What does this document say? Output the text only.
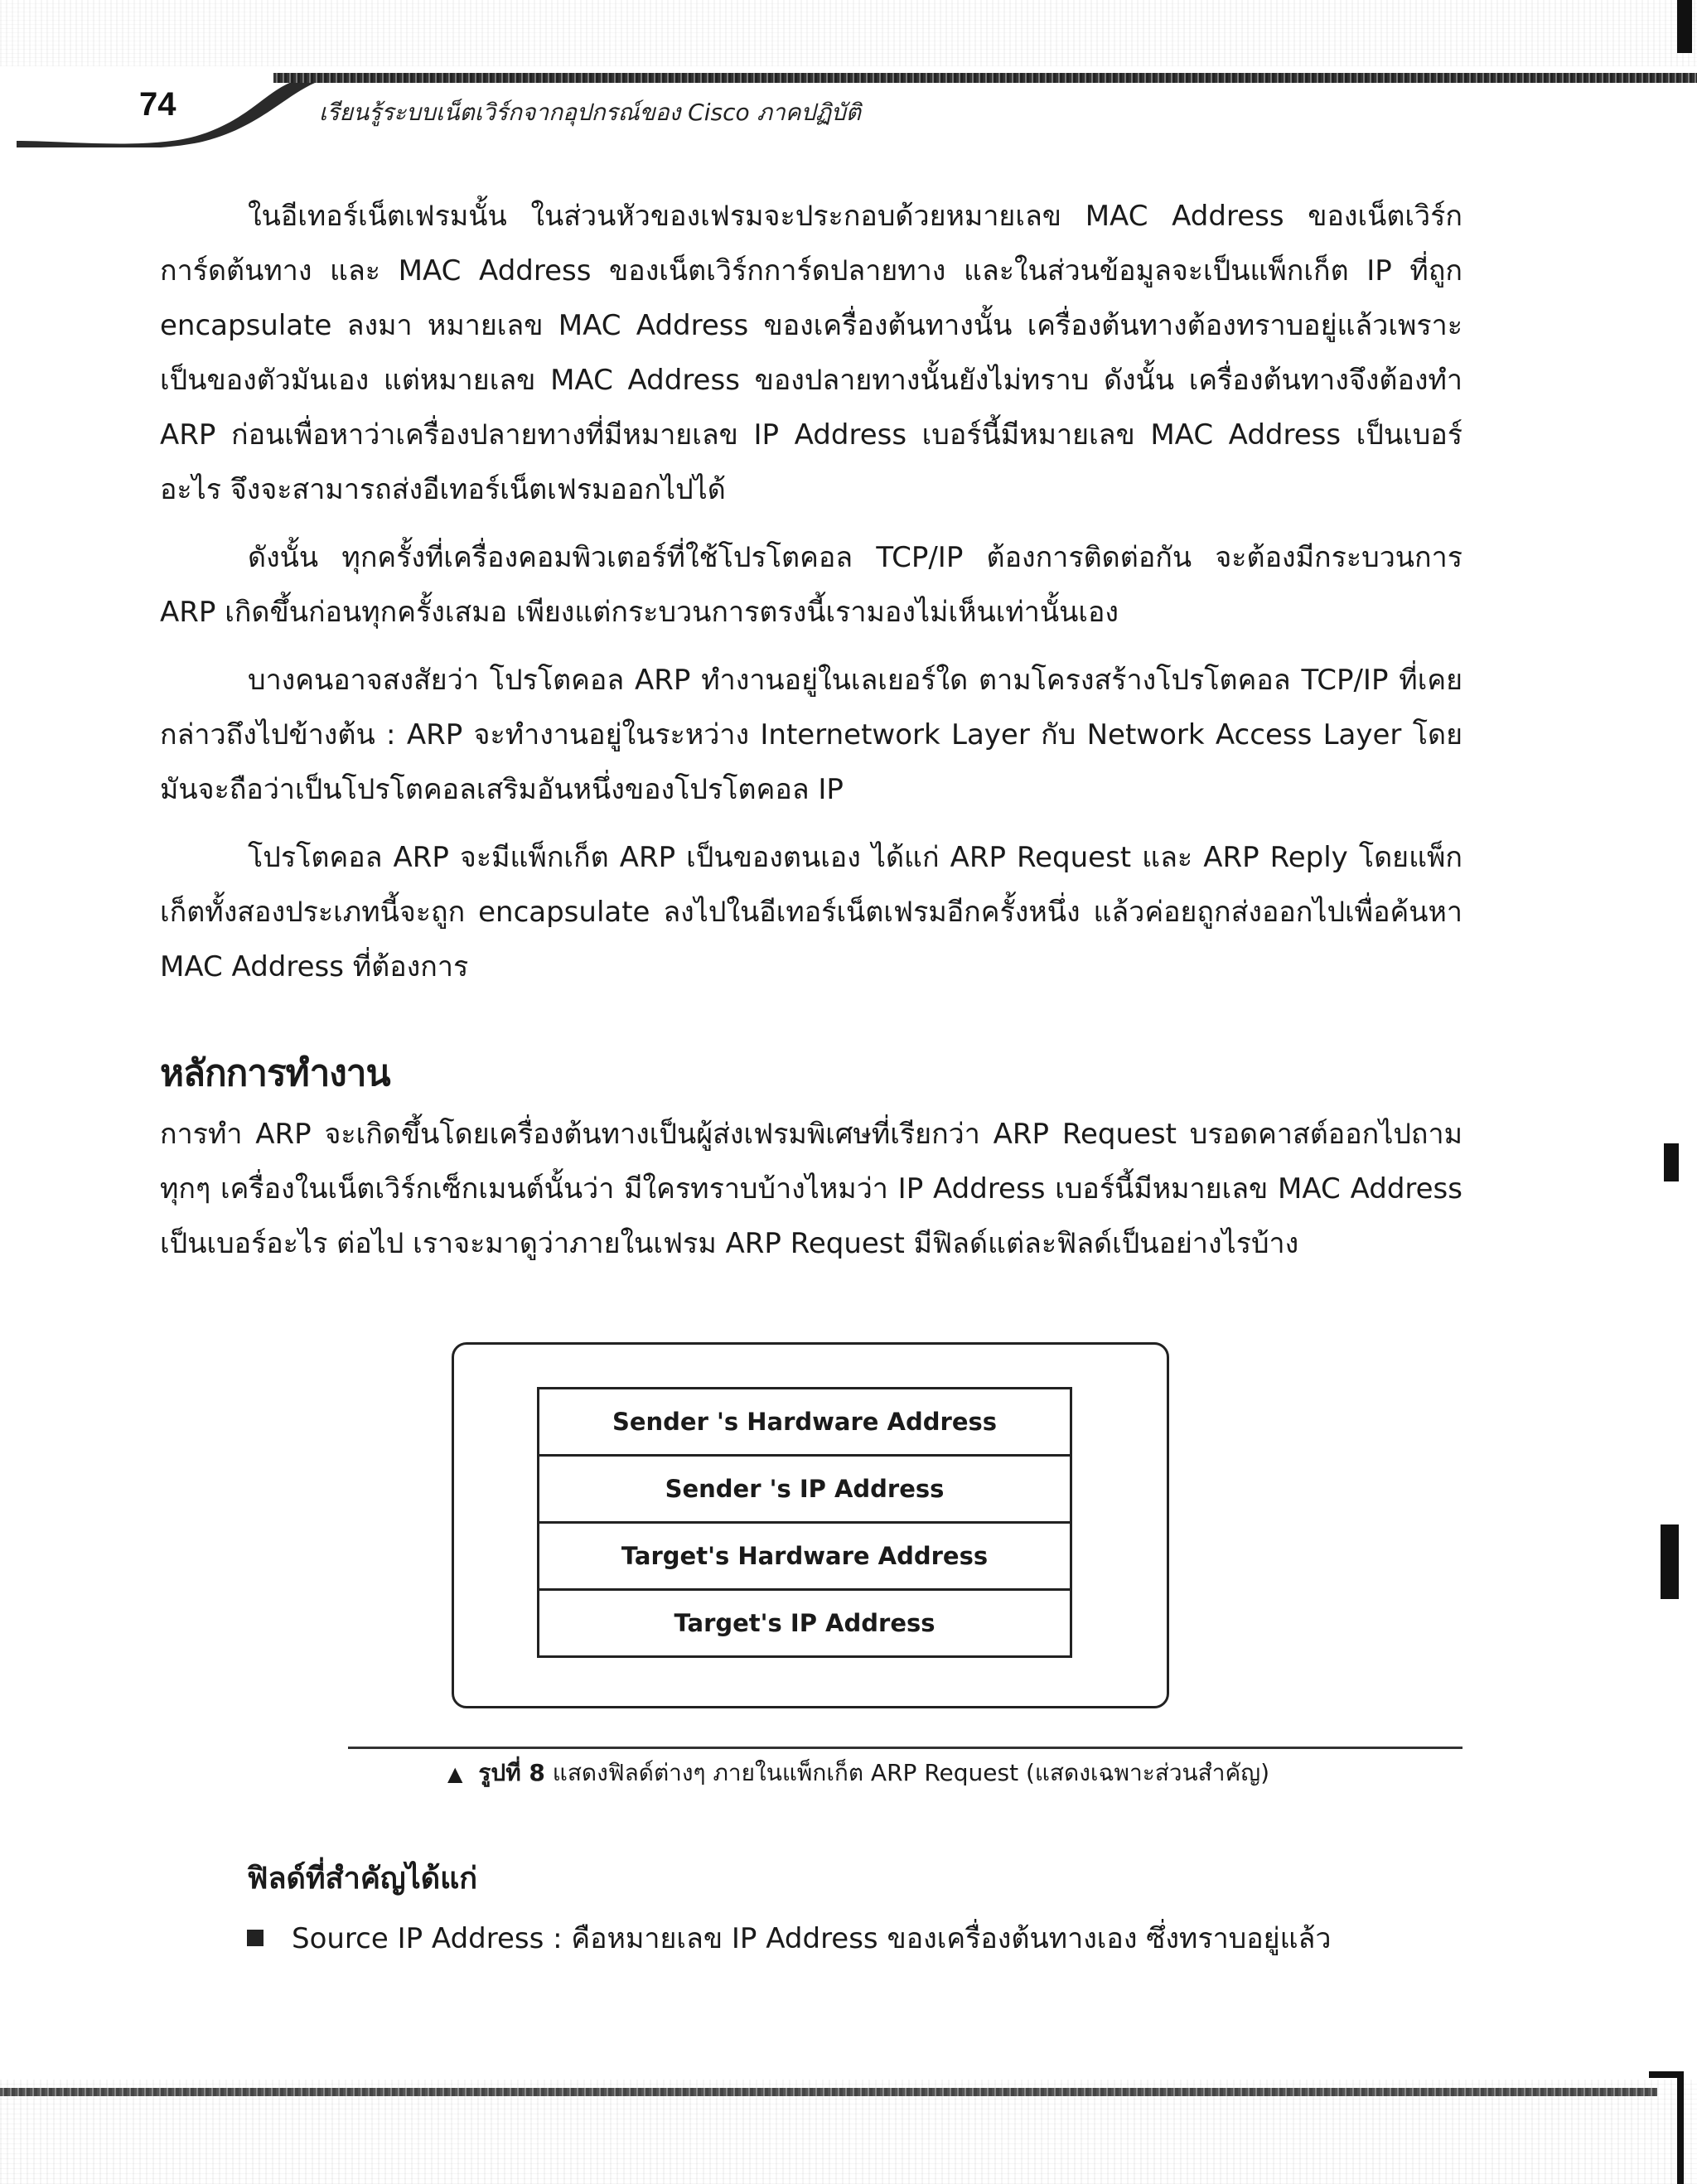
74	เรียนรู้ระบบเน็ตเวิร์กจากอุปกรณ์ของ Cisco ภาคปฏิบัติ

ในอีเทอร์เน็ตเฟรมนั้น ในส่วนหัวของเฟรมจะประกอบด้วยหมายเลข MAC Address ของเน็ตเวิร์กการ์ดต้นทาง และ MAC Address ของเน็ตเวิร์กการ์ดปลายทาง และในส่วนข้อมูลจะเป็นแพ็กเก็ต IP ที่ถูก encapsulate ลงมา หมายเลข MAC Address ของเครื่องต้นทางนั้น เครื่องต้นทางต้องทราบอยู่แล้วเพราะเป็นของตัวมันเอง แต่หมายเลข MAC Address ของปลายทางนั้นยังไม่ทราบ ดังนั้น เครื่องต้นทางจึงต้องทำ ARP ก่อนเพื่อหาว่าเครื่องปลายทางที่มีหมายเลข IP Address เบอร์นี้มีหมายเลข MAC Address เป็นเบอร์อะไร จึงจะสามารถส่งอีเทอร์เน็ตเฟรมออกไปได้

ดังนั้น ทุกครั้งที่เครื่องคอมพิวเตอร์ที่ใช้โปรโตคอล TCP/IP ต้องการติดต่อกัน จะต้องมีกระบวนการ ARP เกิดขึ้นก่อนทุกครั้งเสมอ เพียงแต่กระบวนการตรงนี้เรามองไม่เห็นเท่านั้นเอง

บางคนอาจสงสัยว่า โปรโตคอล ARP ทำงานอยู่ในเลเยอร์ใด ตามโครงสร้างโปรโตคอล TCP/IP ที่เคยกล่าวถึงไปข้างต้น : ARP จะทำงานอยู่ในระหว่าง Internetwork Layer กับ Network Access Layer โดยมันจะถือว่าเป็นโปรโตคอลเสริมอันหนึ่งของโปรโตคอล IP

โปรโตคอล ARP จะมีแพ็กเก็ต ARP เป็นของตนเอง ได้แก่ ARP Request และ ARP Reply โดยแพ็กเก็ตทั้งสองประเภทนี้จะถูก encapsulate ลงไปในอีเทอร์เน็ตเฟรมอีกครั้งหนึ่ง แล้วค่อยถูกส่งออกไปเพื่อค้นหา MAC Address ที่ต้องการ

หลักการทำงาน

การทำ ARP จะเกิดขึ้นโดยเครื่องต้นทางเป็นผู้ส่งเฟรมพิเศษที่เรียกว่า ARP Request บรอดคาสต์ออกไปถามทุกๆ เครื่องในเน็ตเวิร์กเซ็กเมนต์นั้นว่า มีใครทราบบ้างไหมว่า IP Address เบอร์นี้มีหมายเลข MAC Address เป็นเบอร์อะไร ต่อไป เราจะมาดูว่าภายในเฟรม ARP Request มีฟิลด์แต่ละฟิลด์เป็นอย่างไรบ้าง

Sender 's Hardware Address
Sender 's IP Address
Target's Hardware Address
Target's IP Address
▲ รูปที่ 8 แสดงฟิลด์ต่างๆ ภายในแพ็กเก็ต ARP Request (แสดงเฉพาะส่วนสำคัญ)
ฟิลด์ที่สำคัญได้แก่
Source IP Address : คือหมายเลข IP Address ของเครื่องต้นทางเอง ซึ่งทราบอยู่แล้ว
